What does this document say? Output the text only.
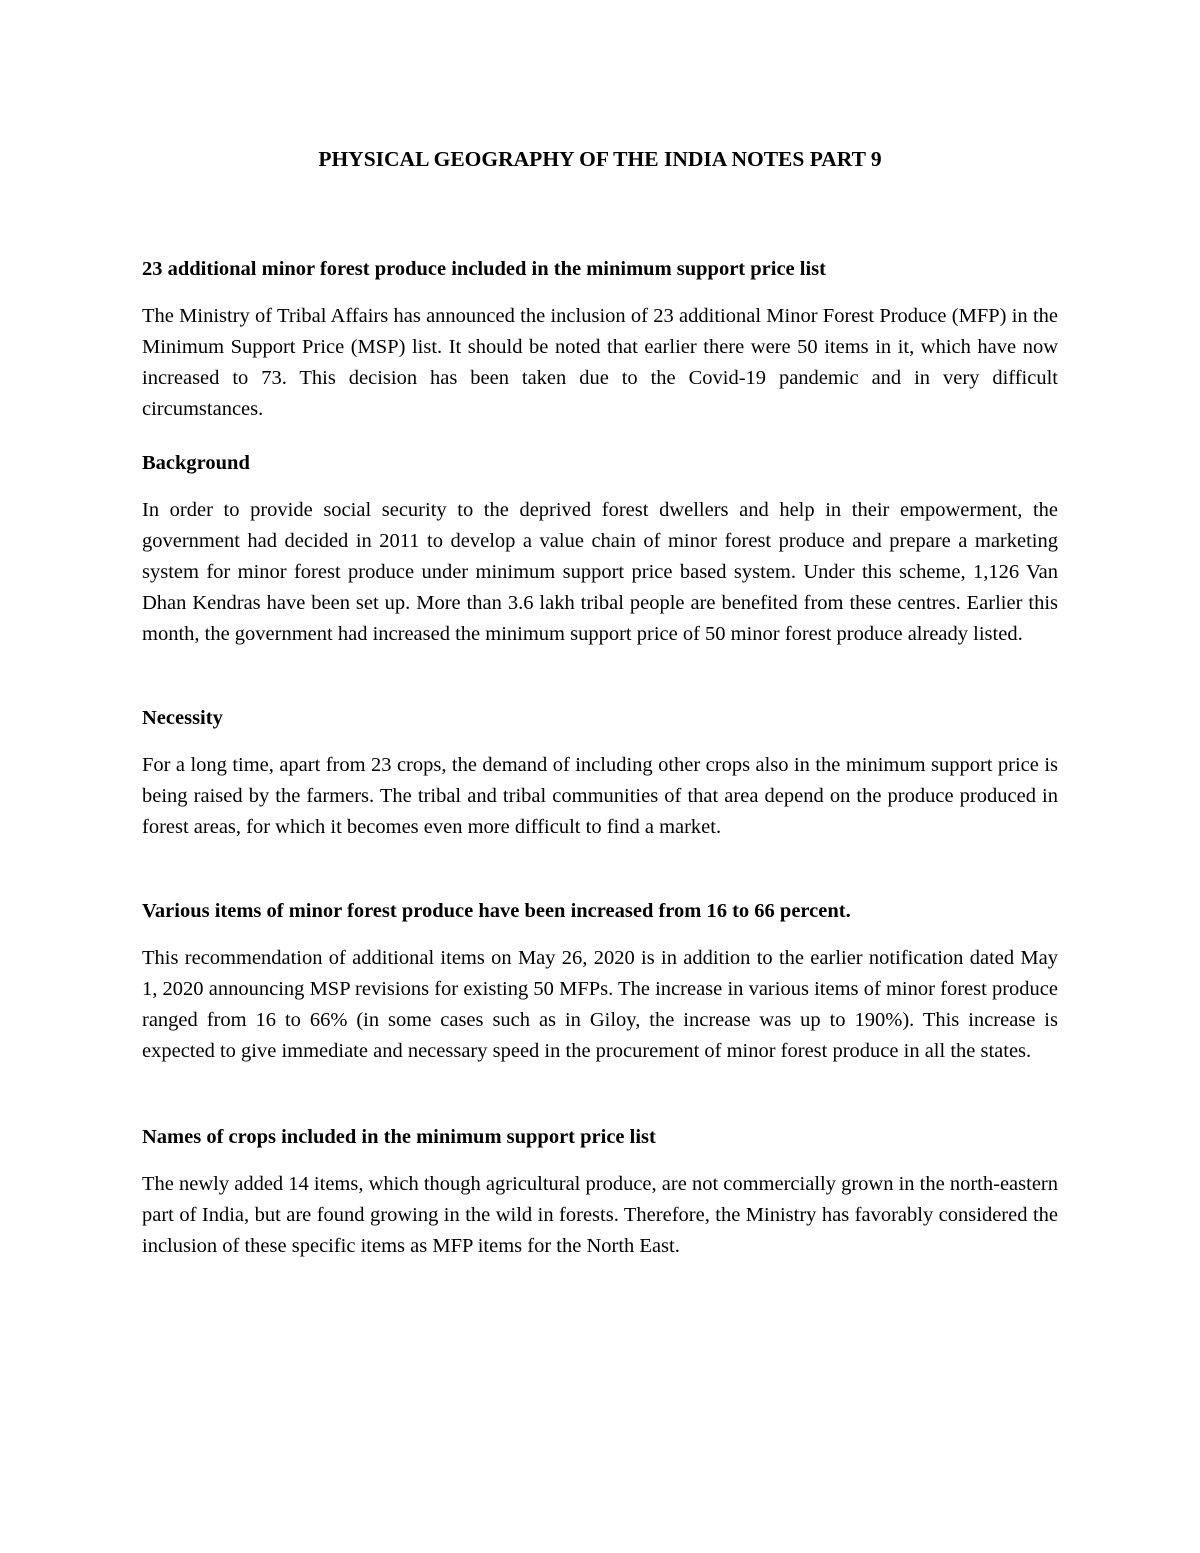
PHYSICAL GEOGRAPHY OF THE INDIA NOTES PART 9

23 additional minor forest produce included in the minimum support price list

The Ministry of Tribal Affairs has announced the inclusion of 23 additional Minor Forest Produce (MFP) in the Minimum Support Price (MSP) list. It should be noted that earlier there were 50 items in it, which have now increased to 73. This decision has been taken due to the Covid-19 pandemic and in very difficult circumstances.

Background

In order to provide social security to the deprived forest dwellers and help in their empowerment, the government had decided in 2011 to develop a value chain of minor forest produce and prepare a marketing system for minor forest produce under minimum support price based system. Under this scheme, 1,126 Van Dhan Kendras have been set up. More than 3.6 lakh tribal people are benefited from these centres. Earlier this month, the government had increased the minimum support price of 50 minor forest produce already listed.

Necessity

For a long time, apart from 23 crops, the demand of including other crops also in the minimum support price is being raised by the farmers. The tribal and tribal communities of that area depend on the produce produced in forest areas, for which it becomes even more difficult to find a market.

Various items of minor forest produce have been increased from 16 to 66 percent.

This recommendation of additional items on May 26, 2020 is in addition to the earlier notification dated May 1, 2020 announcing MSP revisions for existing 50 MFPs. The increase in various items of minor forest produce ranged from 16 to 66% (in some cases such as in Giloy, the increase was up to 190%). This increase is expected to give immediate and necessary speed in the procurement of minor forest produce in all the states.

Names of crops included in the minimum support price list

The newly added 14 items, which though agricultural produce, are not commercially grown in the north-eastern part of India, but are found growing in the wild in forests. Therefore, the Ministry has favorably considered the inclusion of these specific items as MFP items for the North East.
